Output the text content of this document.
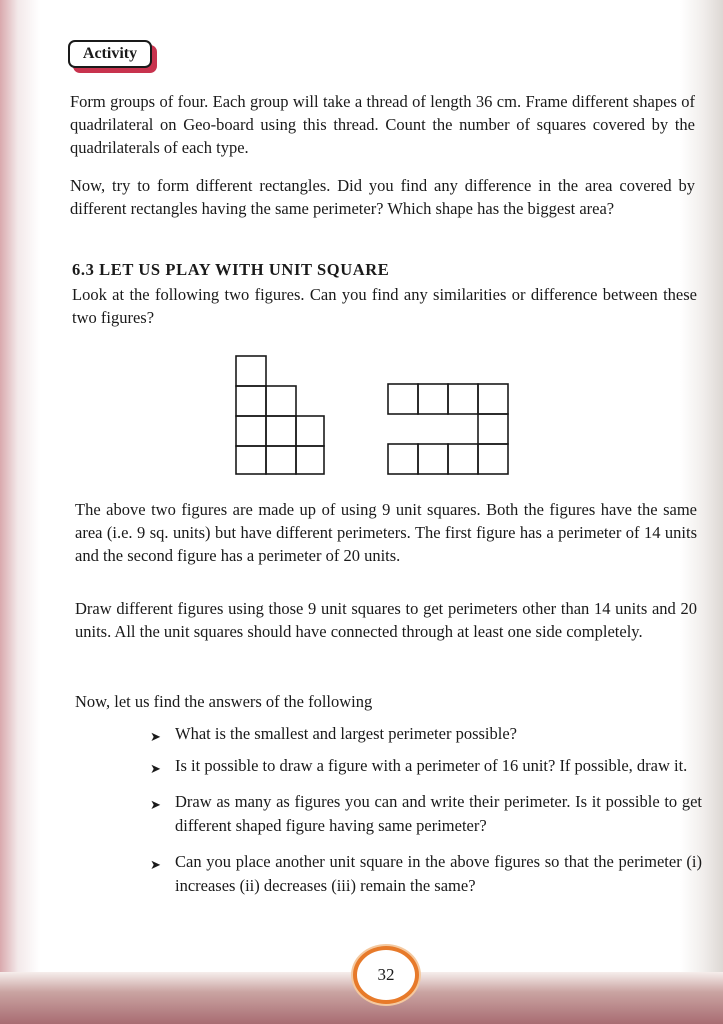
Activity

Form groups of four. Each group will take a thread of length 36 cm. Frame different shapes of quadrilateral on Geo-board using this thread. Count the number of squares covered by the quadrilaterals of each type.

Now, try to form different rectangles. Did you find any difference in the area covered by different rectangles having the same perimeter? Which shape has the biggest area?

6.3 LET US PLAY WITH UNIT SQUARE

Look at the following two figures. Can you find any similarities or difference between these two figures?

The above two figures are made up of using 9 unit squares. Both the figures have the same area (i.e. 9 sq. units) but have different perimeters. The first figure has a perimeter of 14 units and the second figure has a perimeter of 20 units.

Draw different figures using those 9 unit squares to get perimeters other than 14 units and 20 units. All the unit squares should have connected through at least one side completely.

Now, let us find the answers of the following

➤ What is the smallest and largest perimeter possible?
➤ Is it possible to draw a figure with a perimeter of 16 unit? If possible, draw it.
➤ Draw as many as figures you can and write their perimeter. Is it possible to get different shaped figure having same perimeter?
➤ Can you place another unit square in the above figures so that the perimeter (i) increases (ii) decreases (iii) remain the same?
32
